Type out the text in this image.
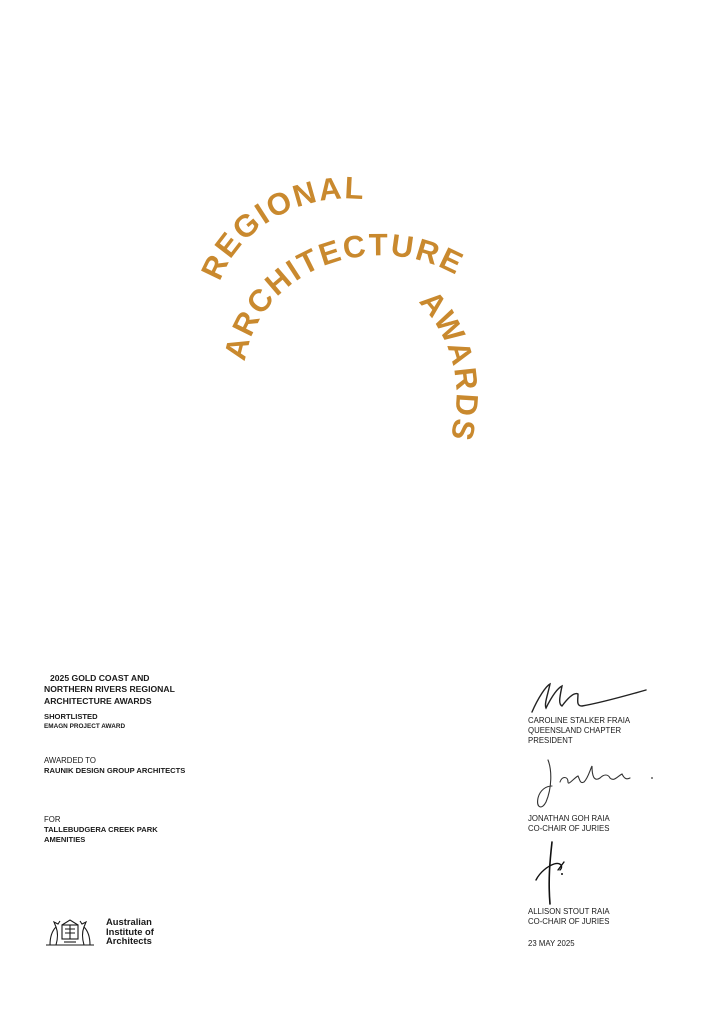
REGIONAL
ARCHITECTURE
AWARDS
2025 GOLD COAST AND
NORTHERN RIVERS REGIONAL
ARCHITECTURE AWARDS
SHORTLISTED
EMAGN PROJECT AWARD
AWARDED TO
RAUNIK DESIGN GROUP ARCHITECTS
FOR
TALLEBUDGERA CREEK PARK
AMENITIES
Australian
Institute of
Architects
CAROLINE STALKER FRAIA
QUEENSLAND CHAPTER
PRESIDENT
JONATHAN GOH RAIA
CO-CHAIR OF JURIES
ALLISON STOUT RAIA
CO-CHAIR OF JURIES
23 MAY 2025
